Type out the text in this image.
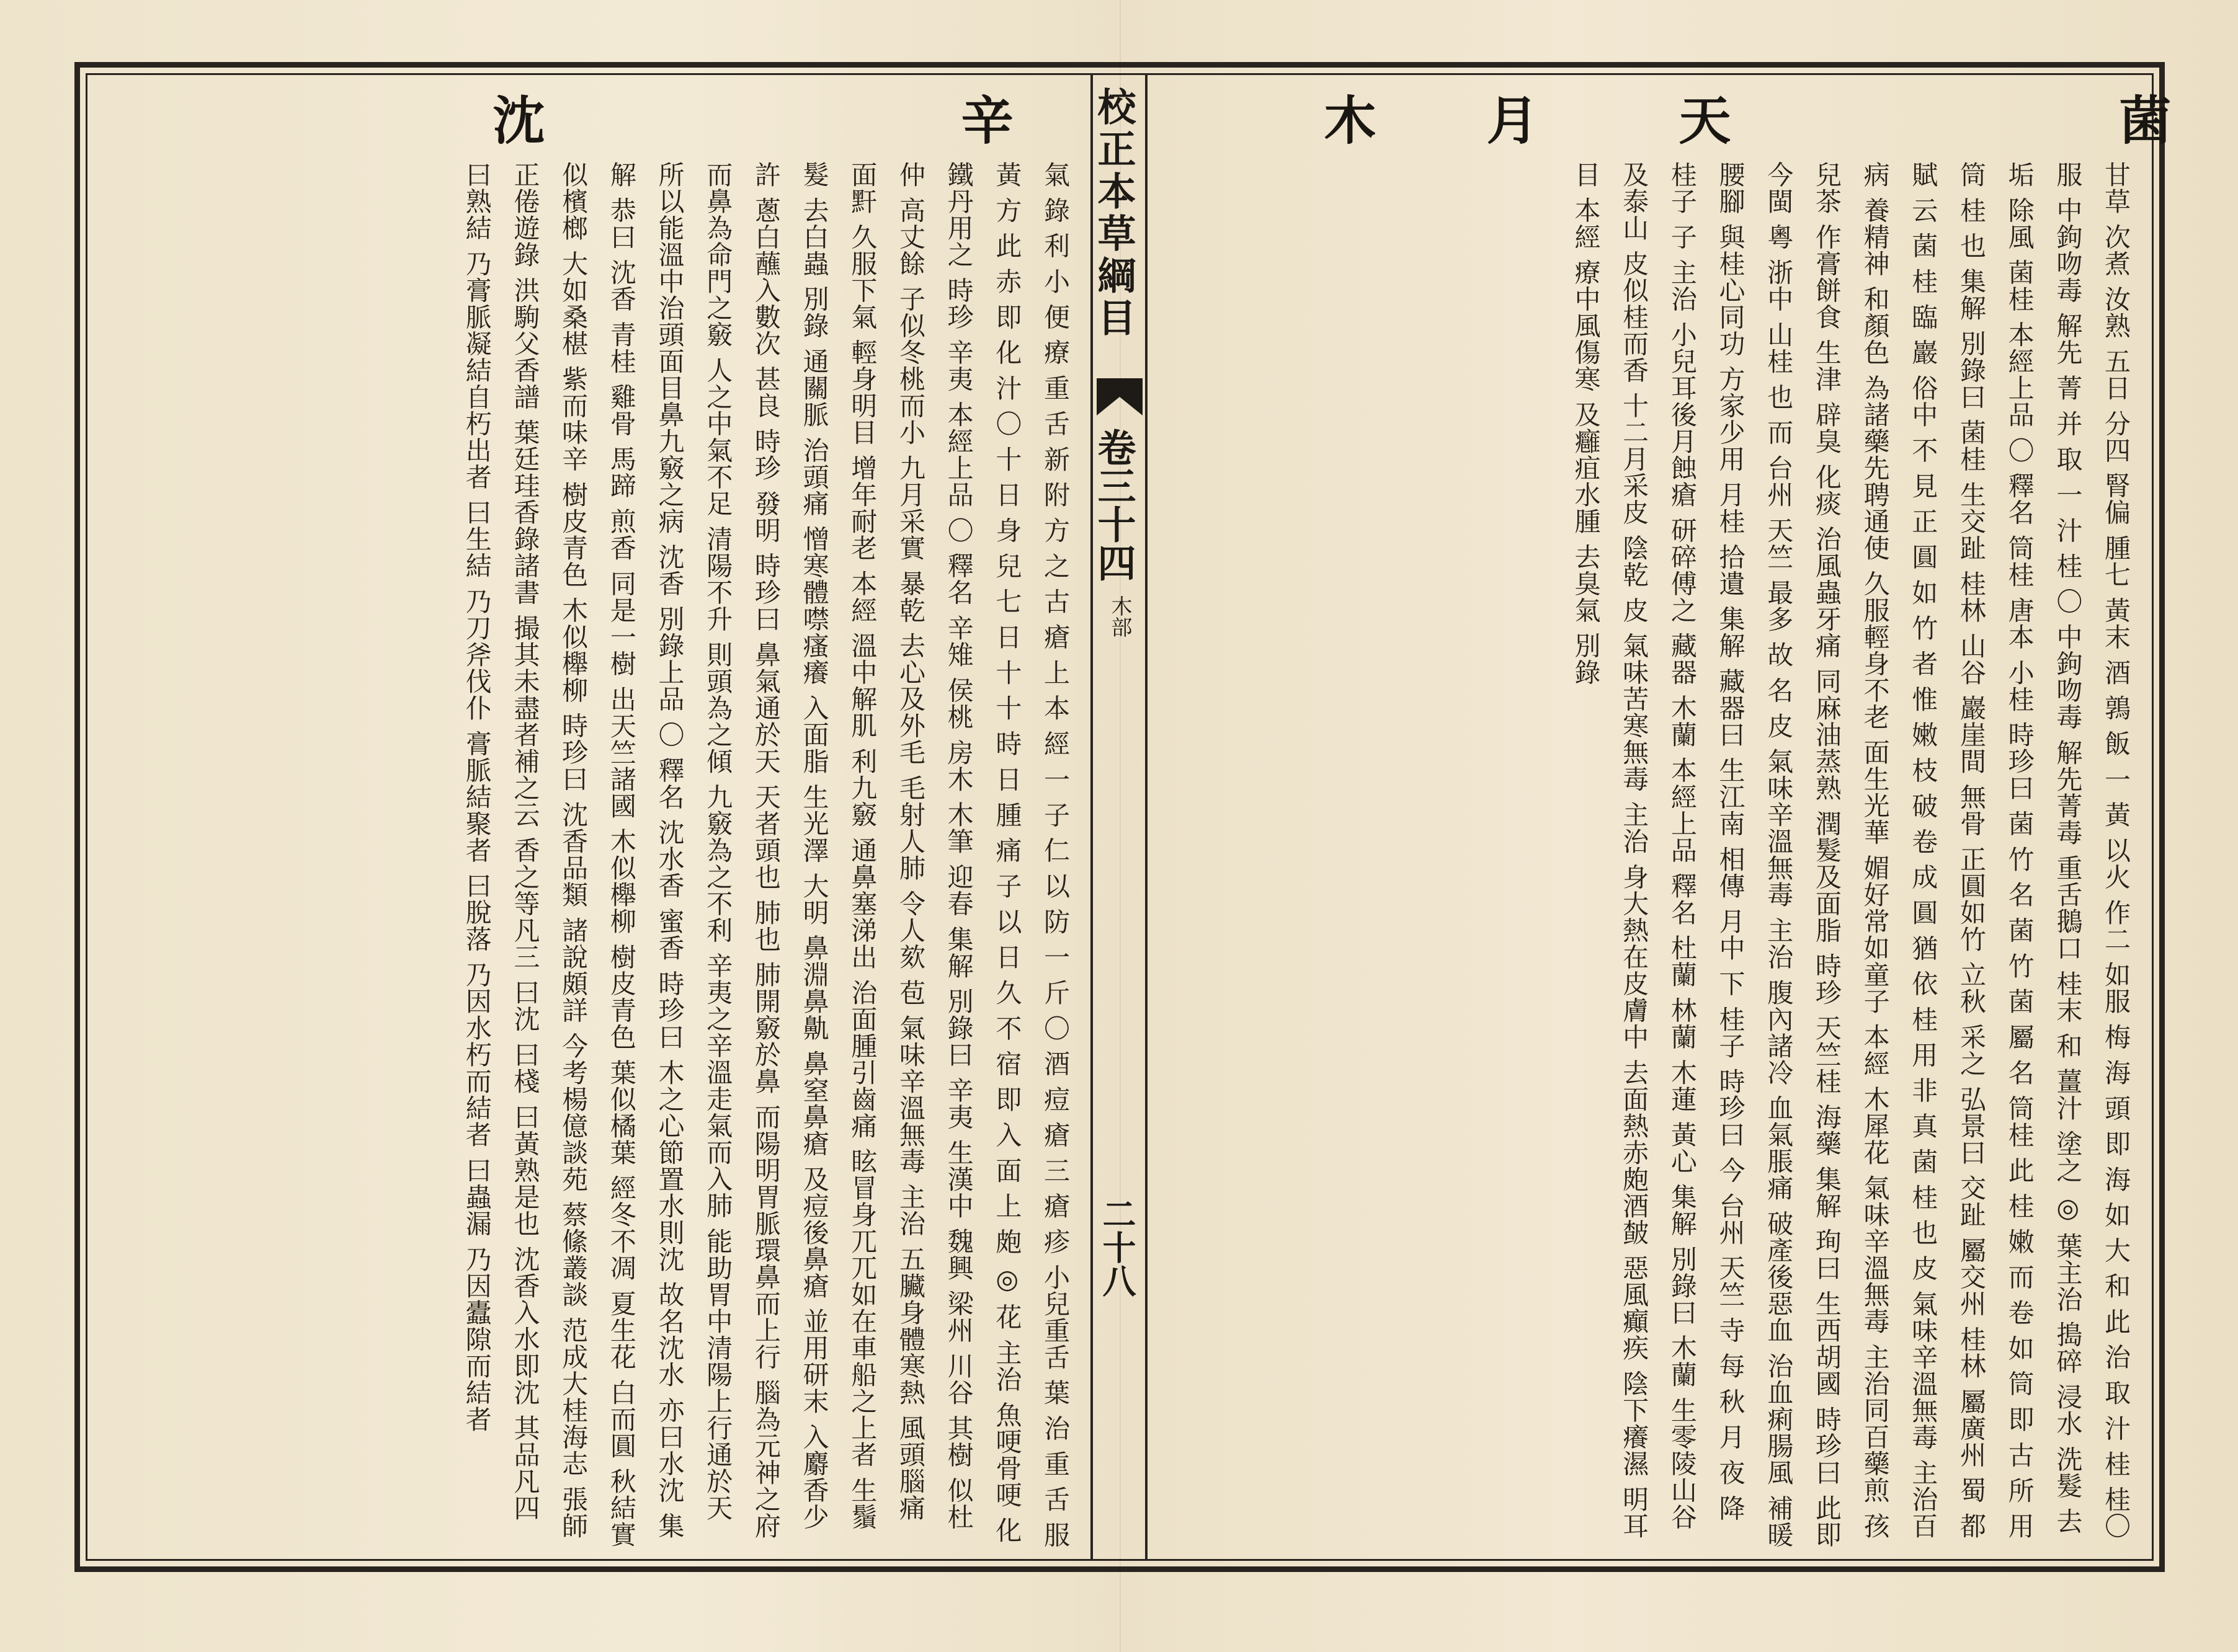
校正本草綱目
卷三十四
木部
二十八
菌
天
月
木
甘草 次煮 汝熟 五日 分四 腎偏 腫七 黃末 酒 鶉 飯 一 黃 以火 作二 如服 梅 海 頭 即 海 如 大 和 此 治 取 汁 桂 桂〇 服 中鉤吻毒 解先 菁 并 取 一 汁 桂 〇 中鉤吻毒 解先菁毒 重舌鵝口 桂末 和 薑汁 塗之 ◎ 葉主治 搗碎 浸水 洗髮 去垢 除風 菌桂 本經上品 〇 釋名 筒桂 唐本 小桂 時珍曰 菌 竹 名 菌 竹 菌 屬 名 筒桂 此 桂 嫩 而 卷 如 筒 即 古 所 用 筒 桂 也 集解 別錄曰 菌桂 生交趾 桂林 山谷 巖崖間 無骨 正圓如竹 立秋 采之 弘景曰 交趾 屬交州 桂林 屬廣州 蜀 都 賦 云 菌 桂 臨 巖 俗中 不 見 正 圓 如 竹 者 惟 嫩 枝 破 卷 成 圓 猶 依 桂 用 非 真 菌 桂 也 皮 氣味辛溫無毒 主治百病 養精神 和顏色 為諸藥先聘通使 久服輕身不老 面生光華 媚好常如童子 本經 木犀花 氣味辛溫無毒 主治同百藥煎 孩兒茶 作膏餅食 生津 辟臭 化痰 治風蟲牙痛 同麻油蒸熟 潤髮及面脂 時珍 天竺桂 海藥 集解 珣曰 生西胡國 時珍曰 此即今閩 粵 浙中 山桂 也 而 台州 天竺 最多 故 名 皮 氣味辛溫無毒 主治 腹內諸冷 血氣脹痛 破產後惡血 治血痢腸風 補暖腰腳 與桂心同功 方家少用 月桂 拾遺 集解 藏器曰 生江南 相傳 月中 下 桂子 時珍曰 今 台州 天竺 寺 每 秋 月 夜 降 桂子 子 主治 小兒耳後月蝕瘡 研碎傅之 藏器 木蘭 本經上品 釋名 杜蘭 林蘭 木蓮 黃心 集解 別錄曰 木蘭 生零陵山谷及泰山 皮似桂而香 十二月采皮 陰乾 皮 氣味苦寒無毒 主治 身大熱在皮膚中 去面熱赤皰酒皶 惡風癲疾 陰下癢濕 明耳目 本經 療中風傷寒 及癰疽水腫 去臭氣 別錄
辛
沈
氣 錄 利 小 便 療 重 舌 新 附 方 之 古 瘡 上 本 經 一 子 仁 以 防 一 斤 〇 酒 痘 瘡 三 瘡 疹 小兒重舌 葉 治 重 舌 服 黃 方 此 赤 即 化 汁 〇 十 日 身 兒 七 日 十 十 時 日 腫 痛 子 以 日 久 不 宿 即 入 面 上 皰 ◎ 花 主治 魚哽骨哽 化鐵丹用之 時珍 辛夷 本經上品 〇 釋名 辛雉 侯桃 房木 木筆 迎春 集解 別錄曰 辛夷 生漢中 魏興 梁州 川谷 其樹 似杜仲 高丈餘 子似冬桃而小 九月采實 暴乾 去心及外毛 毛射人肺 令人欬 苞 氣味辛溫無毒 主治 五臟身體寒熱 風頭腦痛 面䵟 久服下氣 輕身明目 增年耐老 本經 溫中解肌 利九竅 通鼻塞涕出 治面腫引齒痛 眩冒身兀兀如在車船之上者 生鬚髮 去白蟲 別錄 通關脈 治頭痛 憎寒體噤瘙癢 入面脂 生光澤 大明 鼻淵鼻鼽 鼻窒鼻瘡 及痘後鼻瘡 並用研末 入麝香少許 蔥白蘸入數次 甚良 時珍 發明 時珍曰 鼻氣通於天 天者頭也 肺也 肺開竅於鼻 而陽明胃脈環鼻而上行 腦為元神之府 而鼻為命門之竅 人之中氣不足 清陽不升 則頭為之傾 九竅為之不利 辛夷之辛溫走氣而入肺 能助胃中清陽上行通於天 所以能溫中治頭面目鼻九竅之病 沈香 別錄上品 〇 釋名 沈水香 蜜香 時珍曰 木之心節置水則沈 故名沈水 亦曰水沈 集解 恭曰 沈香 青桂 雞骨 馬蹄 煎香 同是一樹 出天竺諸國 木似櫸柳 樹皮青色 葉似橘葉 經冬不凋 夏生花 白而圓 秋結實似檳榔 大如桑椹 紫而味辛 樹皮青色 木似櫸柳 時珍曰 沈香品類 諸說頗詳 今考楊億談苑 蔡絛叢談 范成大桂海志 張師正倦遊錄 洪駒父香譜 葉廷珪香錄諸書 撮其未盡者補之云 香之等凡三 曰沈 曰棧 曰黃熟是也 沈香入水即沈 其品凡四 曰熟結 乃膏脈凝結自朽出者 曰生結 乃刀斧伐仆 膏脈結聚者 曰脫落 乃因水朽而結者 曰蟲漏 乃因蠹隙而結者
